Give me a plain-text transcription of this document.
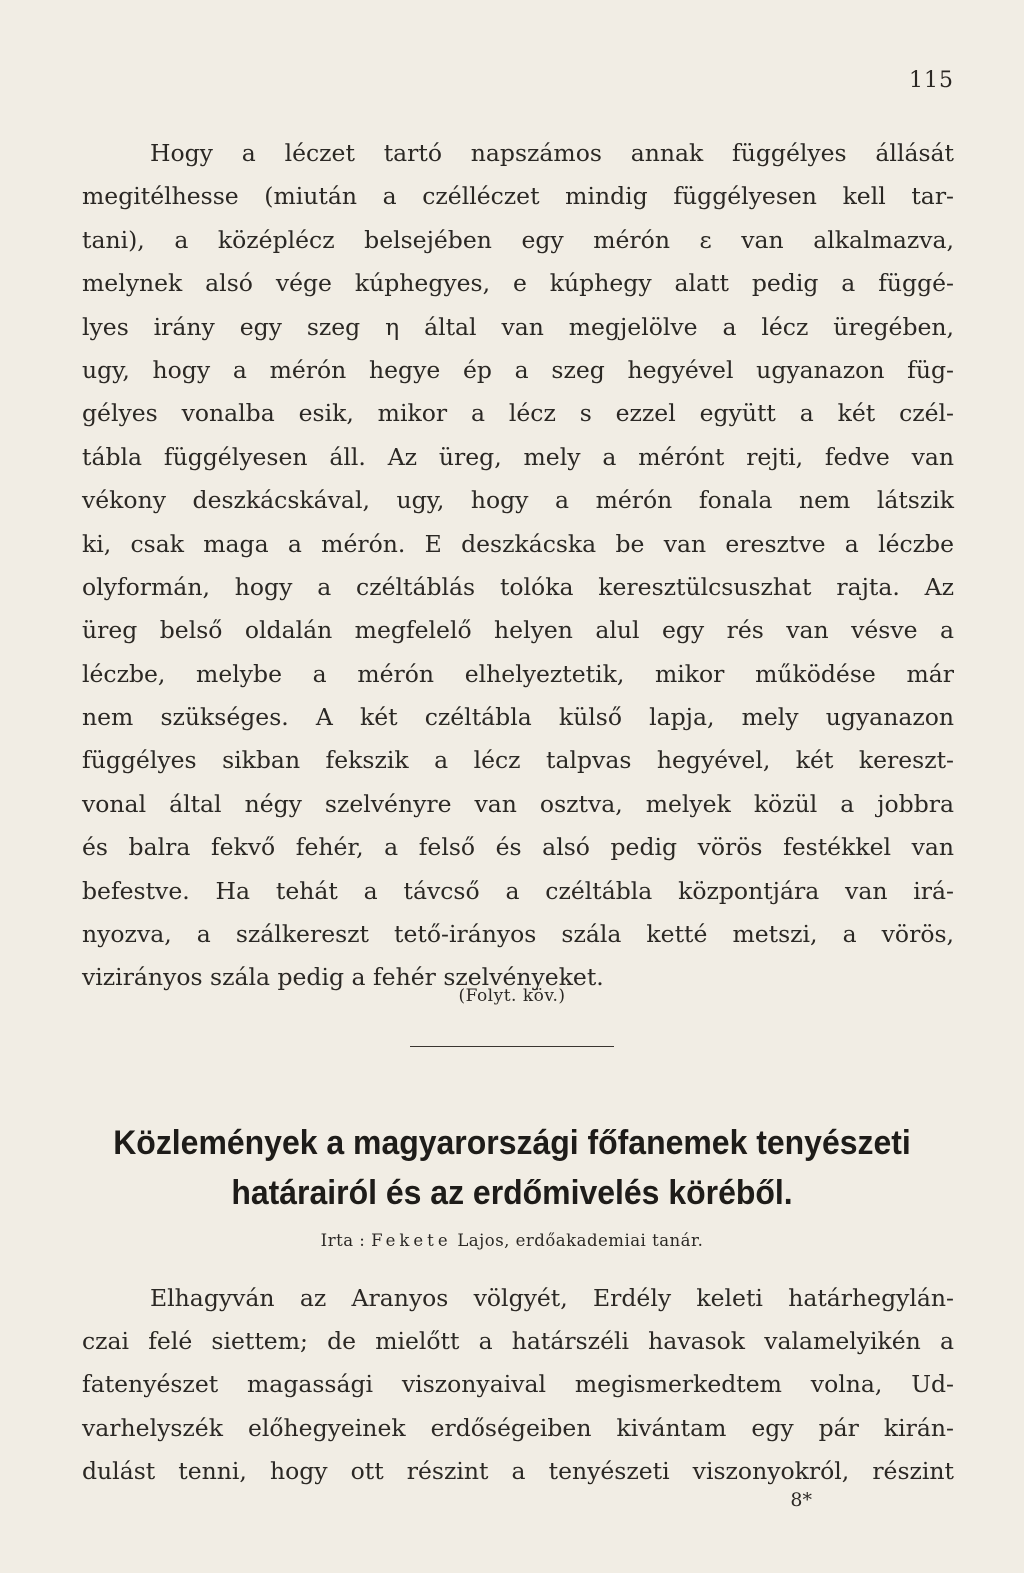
115
Hogy a léczet tartó napszámos annak függélyes állását
megitélhesse (miután a czélléczet mindig függélyesen kell tar-
tani), a középlécz belsejében egy mérón ε van alkalmazva,
melynek alsó vége kúphegyes, e kúphegy alatt pedig a függé-
lyes irány egy szeg η által van megjelölve a lécz üregében,
ugy, hogy a mérón hegye ép a szeg hegyével ugyanazon füg-
gélyes vonalba esik, mikor a lécz s ezzel együtt a két czél-
tábla függélyesen áll. Az üreg, mely a mérónt rejti, fedve van
vékony deszkácskával, ugy, hogy a mérón fonala nem látszik
ki, csak maga a mérón. E deszkácska be van eresztve a léczbe
olyformán, hogy a czéltáblás tolóka keresztülcsuszhat rajta. Az
üreg belső oldalán megfelelő helyen alul egy rés van vésve a
léczbe, melybe a mérón elhelyeztetik, mikor működése már
nem szükséges. A két czéltábla külső lapja, mely ugyanazon
függélyes sikban fekszik a lécz talpvas hegyével, két kereszt-
vonal által négy szelvényre van osztva, melyek közül a jobbra
és balra fekvő fehér, a felső és alsó pedig vörös festékkel van
befestve. Ha tehát a távcső a czéltábla központjára van irá-
nyozva, a szálkereszt tető-irányos szála ketté metszi, a vörös,
vizirányos szála pedig a fehér szelvényeket.
(Folyt. köv.)
Közlemények a magyarországi főfanemek tenyészeti
határairól és az erdőmivelés köréből.
Irta : Fekete Lajos, erdőakademiai tanár.
Elhagyván az Aranyos völgyét, Erdély keleti határhegylán-
czai felé siettem; de mielőtt a határszéli havasok valamelyikén a
fatenyészet magassági viszonyaival megismerkedtem volna, Ud-
varhelyszék előhegyeinek erdőségeiben kivántam egy pár kirán-
dulást tenni, hogy ott részint a tenyészeti viszonyokról, részint
8*
